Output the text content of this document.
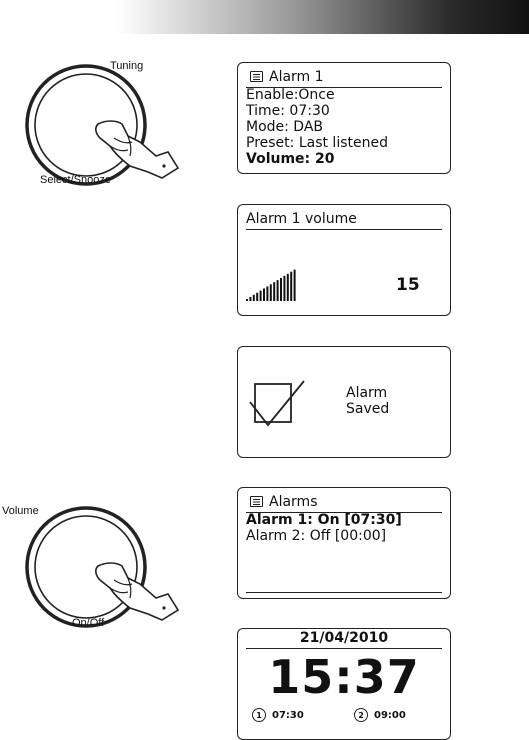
Tuning
Select/Snooze
Alarm 1
Enable:Once
Time: 07:30
Mode: DAB
Preset: Last listened
Volume: 20
Alarm 1 volume
15
Alarm
Saved
Volume
On/Off
Alarms
Alarm 1: On [07:30]
Alarm 2: Off [00:00]
21/04/2010
15:37
1	07:30	2	09:00
